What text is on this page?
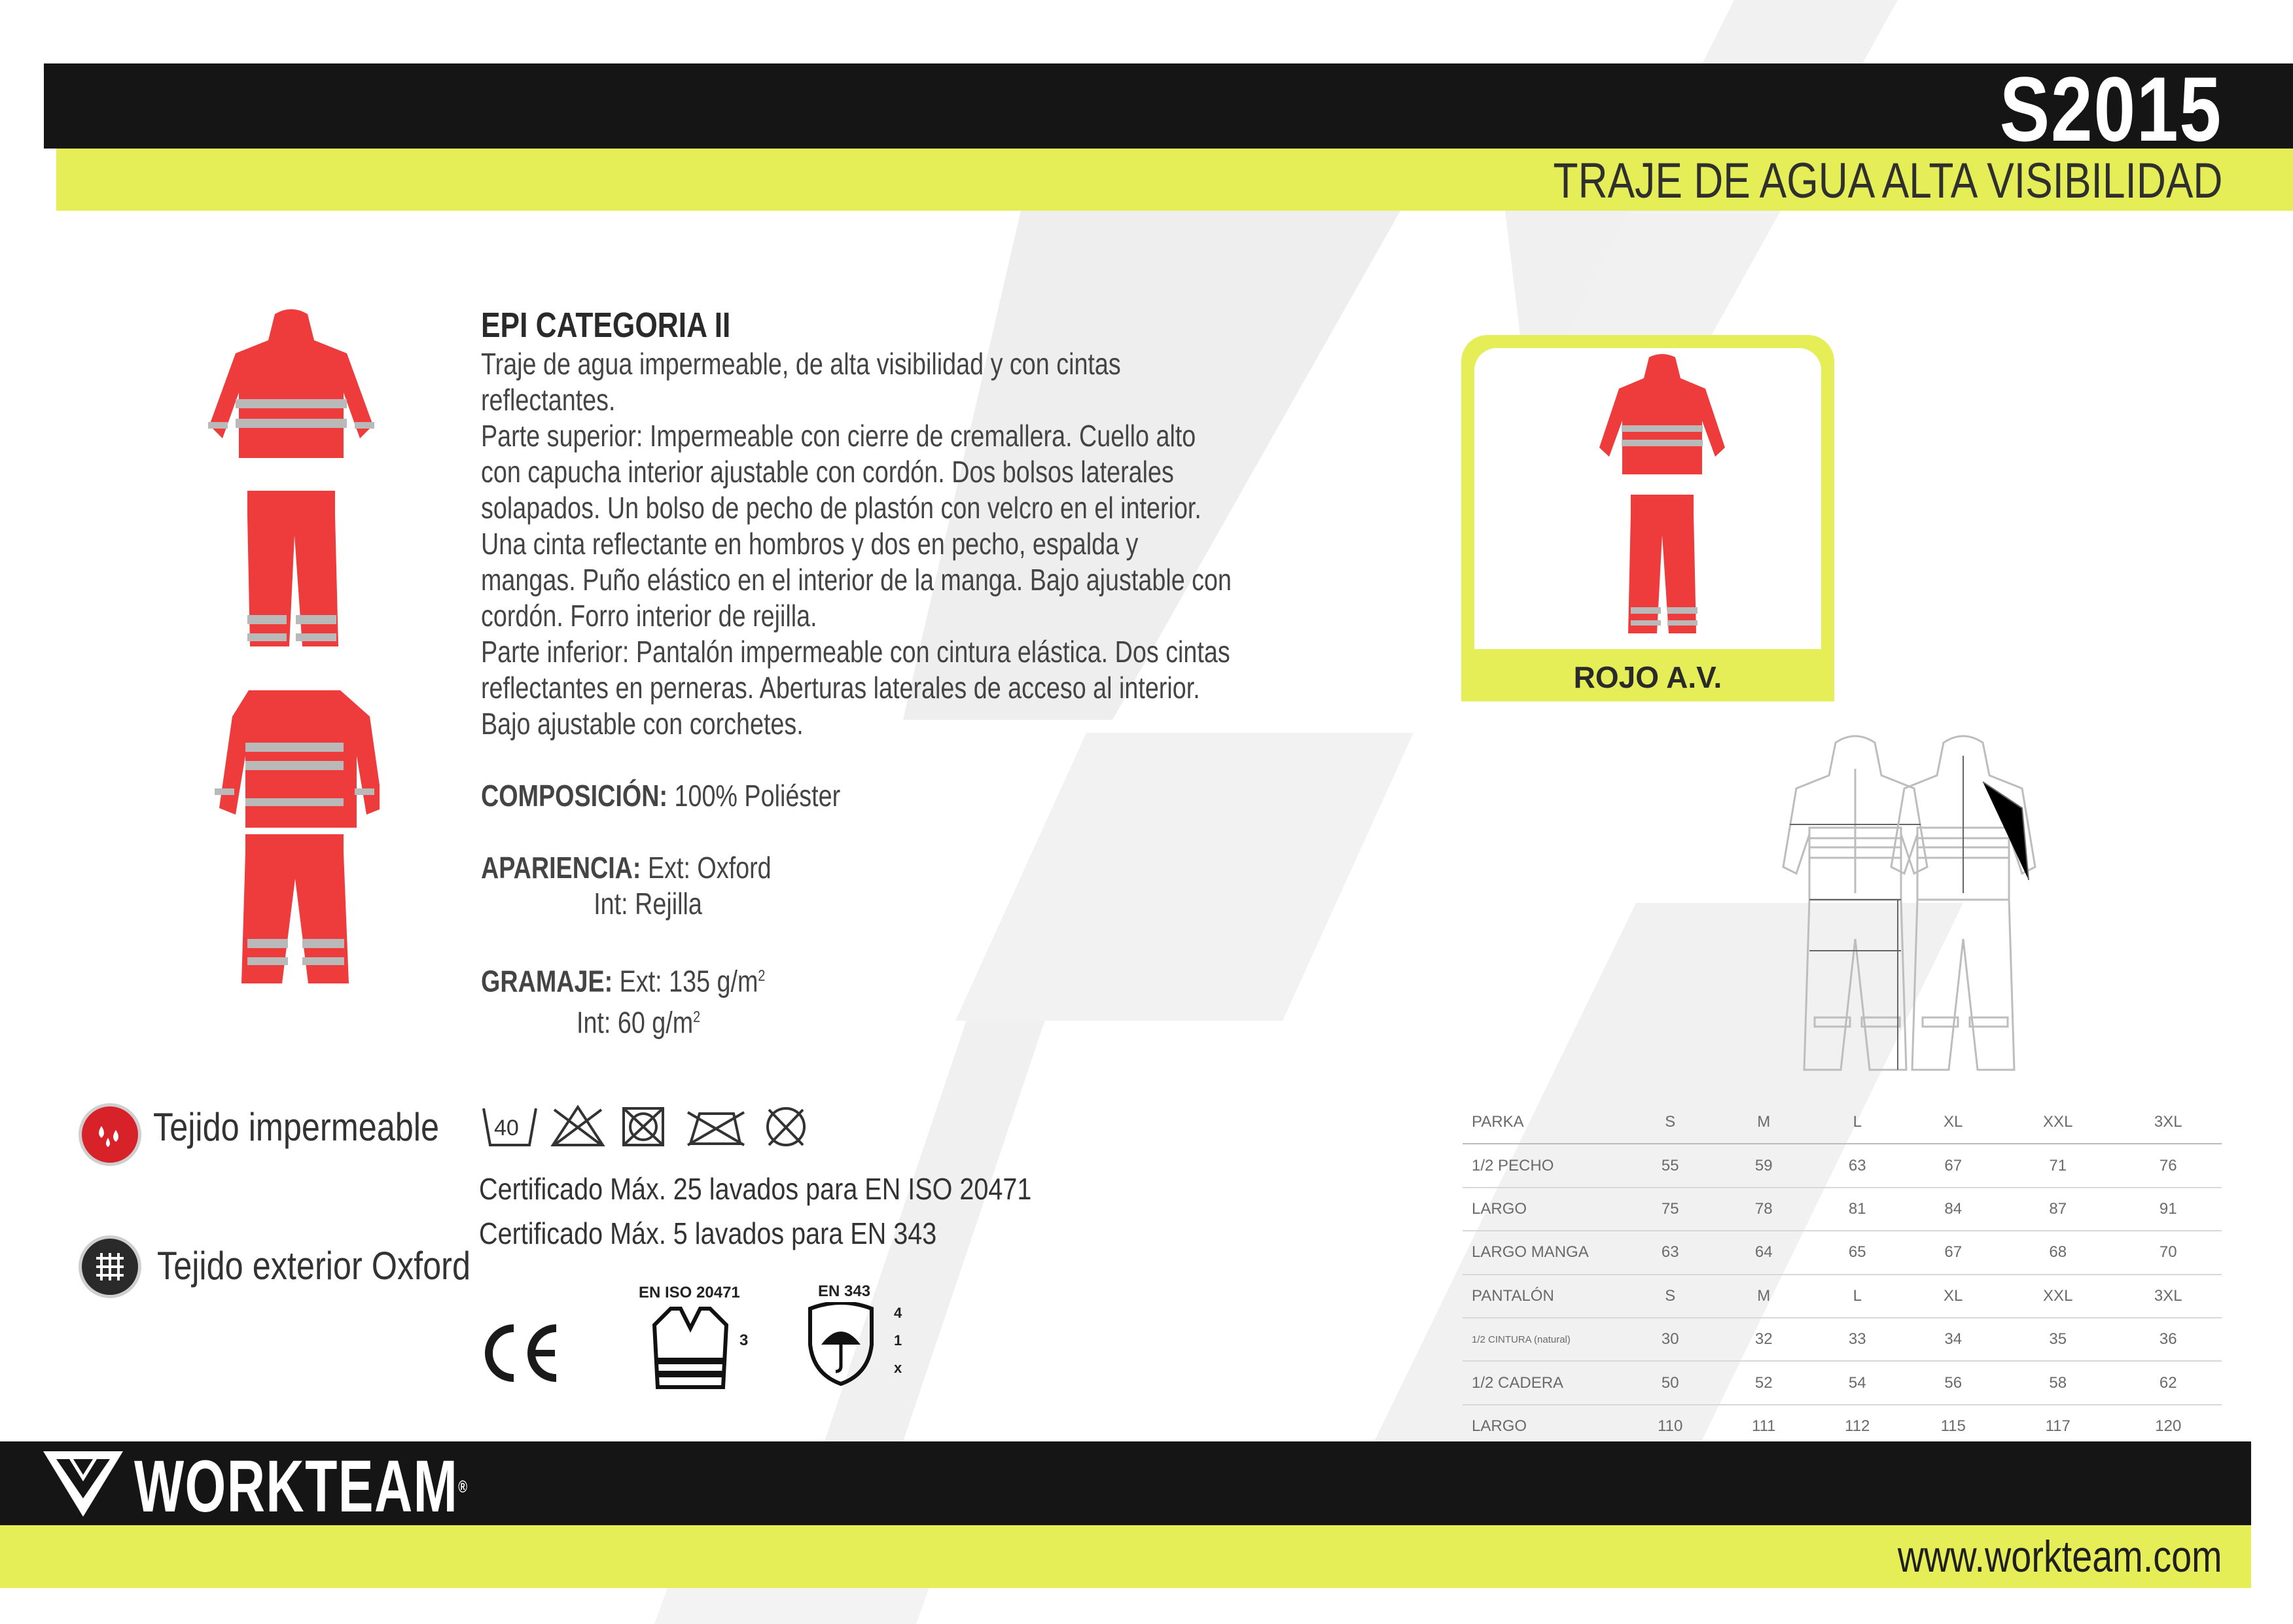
S2015
TRAJE DE AGUA ALTA VISIBILIDAD
EPI CATEGORIA II

Traje de agua impermeable, de alta visibilidad y con cintas reflectantes.

Parte superior: Impermeable con cierre de cremallera. Cuello alto con capucha interior ajustable con cordón. Dos bolsos laterales solapados. Un bolso de pecho de plastón con velcro en el interior. Una cinta reflectante en hombros y dos en pecho, espalda y mangas. Puño elástico en el interior de la manga. Bajo ajustable con cordón. Forro interior de rejilla.

Parte inferior: Pantalón impermeable con cintura elástica. Dos cintas reflectantes en perneras. Aberturas laterales de acceso al interior. Bajo ajustable con corchetes.

COMPOSICIÓN: 100% Poliéster

APARIENCIA: Ext: Oxford

Int: Rejilla

GRAMAJE: Ext: 135 $g/m^2$

Int: 60 $g/m^2$

Tejido impermeable
Tejido exterior Oxford
40
Certificado Máx. 25 lavados para EN ISO 20471
Certificado Máx. 5 lavados para EN 343
EN ISO 20471
3
EN 343
4
1
x
ROJO A.V.
PARKA	S	M	L	XL	XXL	3XL
1/2 PECHO	55	59	63	67	71	76
LARGO	75	78	81	84	87	91
LARGO MANGA	63	64	65	67	68	70
PANTALÓN	S	M	L	XL	XXL	3XL
1/2 CINTURA (natural)	30	32	33	34	35	36
1/2 CADERA	50	52	54	56	58	62
LARGO	110	111	112	115	117	120
WORKTEAM®
www.workteam.com
